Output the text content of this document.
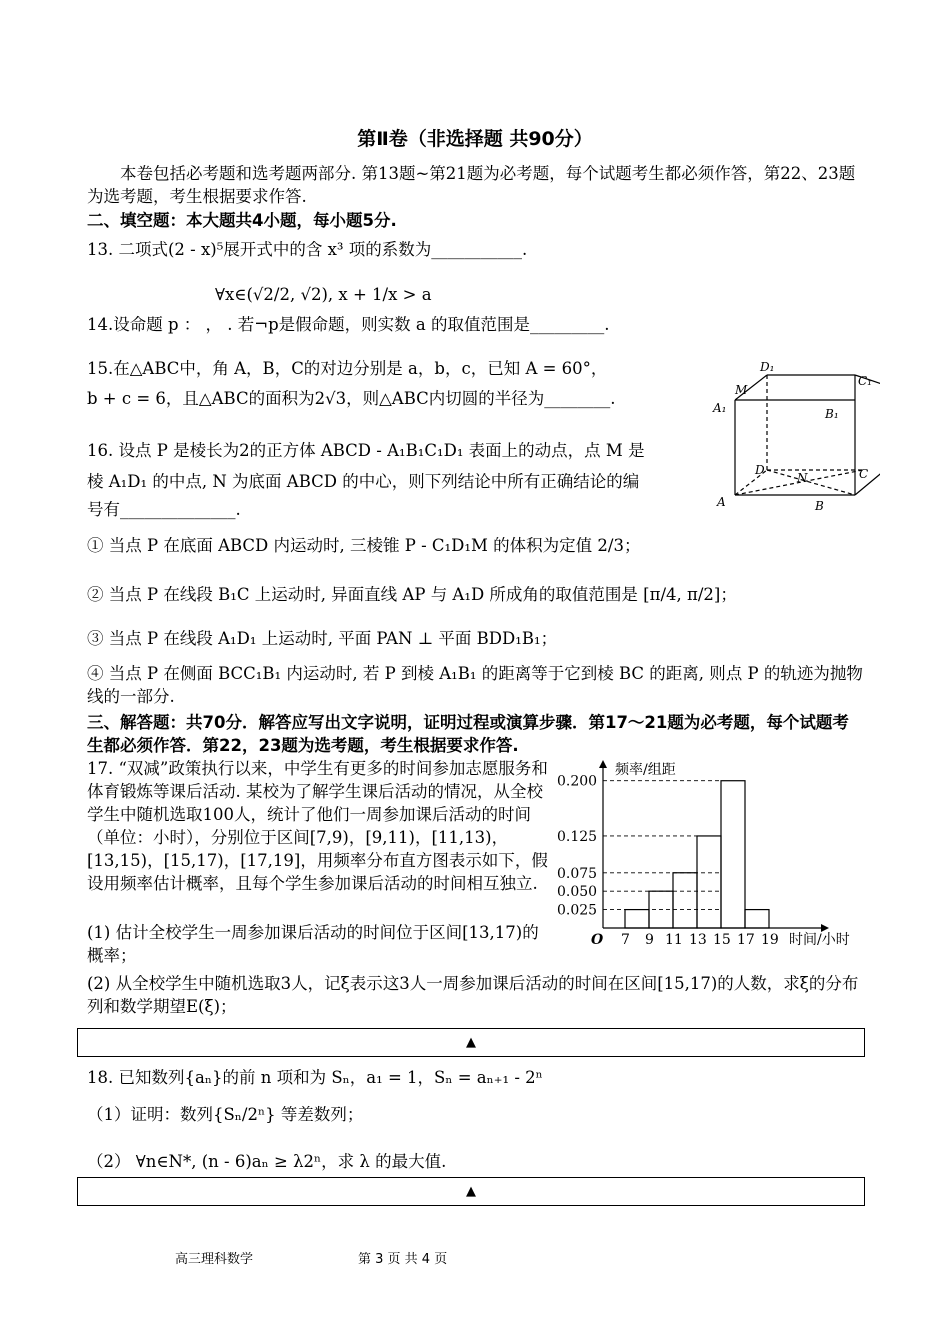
第Ⅱ卷（非选择题 共90分）
本卷包括必考题和选考题两部分. 第13题~第21题为必考题，每个试题考生都必须作答，第22、23题为选考题，考生根据要求作答.
二、填空题：本大题共4小题，每小题5分.
13. 二项式(2 - x)⁵展开式中的含 x³ 项的系数为___________.
∀x∈(√2/2, √2), x + 1/x > a
14.设命题 p ： ， . 若¬p是假命题，则实数 a 的取值范围是_________.
15.在△ABC中，角 A，B，C的对边分别是 a，b，c，已知 A = 60°，
b + c = 6，且△ABC的面积为2√3，则△ABC内切圆的半径为________.
16. 设点 P 是棱长为2的正方体 ABCD - A₁B₁C₁D₁ 表面上的动点，点 M 是
棱 A₁D₁ 的中点, N 为底面 ABCD 的中心，则下列结论中所有正确结论的编
号有______________.
① 当点 P 在底面 ABCD 内运动时, 三棱锥 P - C₁D₁M 的体积为定值 2/3；
② 当点 P 在线段 B₁C 上运动时, 异面直线 AP 与 A₁D 所成角的取值范围是 [π/4, π/2]；
③ 当点 P 在线段 A₁D₁ 上运动时, 平面 PAN ⊥ 平面 BDD₁B₁；
④ 当点 P 在侧面 BCC₁B₁ 内运动时, 若 P 到棱 A₁B₁ 的距离等于它到棱 BC 的距离, 则点 P 的轨迹为抛物线的一部分.
三、解答题：共70分．解答应写出文字说明，证明过程或演算步骤．第17～21题为必考题，每个试题考生都必须作答．第22，23题为选考题，考生根据要求作答.
17. “双减”政策执行以来，中学生有更多的时间参加志愿服务和体育锻炼等课后活动. 某校为了解学生课后活动的情况，从全校学生中随机选取100人，统计了他们一周参加课后活动的时间（单位：小时），分别位于区间[7,9)，[9,11)，[11,13)，[13,15)，[15,17)，[17,19]，用频率分布直方图表示如下，假设用频率估计概率，且每个学生参加课后活动的时间相互独立.
(1) 估计全校学生一周参加课后活动的时间位于区间[13,17)的概率；
(2) 从全校学生中随机选取3人，记ξ表示这3人一周参加课后活动的时间在区间[15,17)的人数，求ξ的分布列和数学期望E(ξ)；
▲
18. 已知数列{aₙ}的前 n 项和为 Sₙ，a₁ = 1，Sₙ = aₙ₊₁ - 2ⁿ
（1）证明：数列{Sₙ/2ⁿ} 等差数列；
（2） ∀n∈N*, (n - 6)aₙ ≥ λ2ⁿ，求 λ 的最大值.
▲
高三理科数学	第 3 页 共 4 页
D₁
C₁
M
A₁	B₁
D
N	C
A	B
频率/组距
时间/小时
O
0.025
0.050
0.075
0.125
0.200
7 9 11 13 15 17 19
